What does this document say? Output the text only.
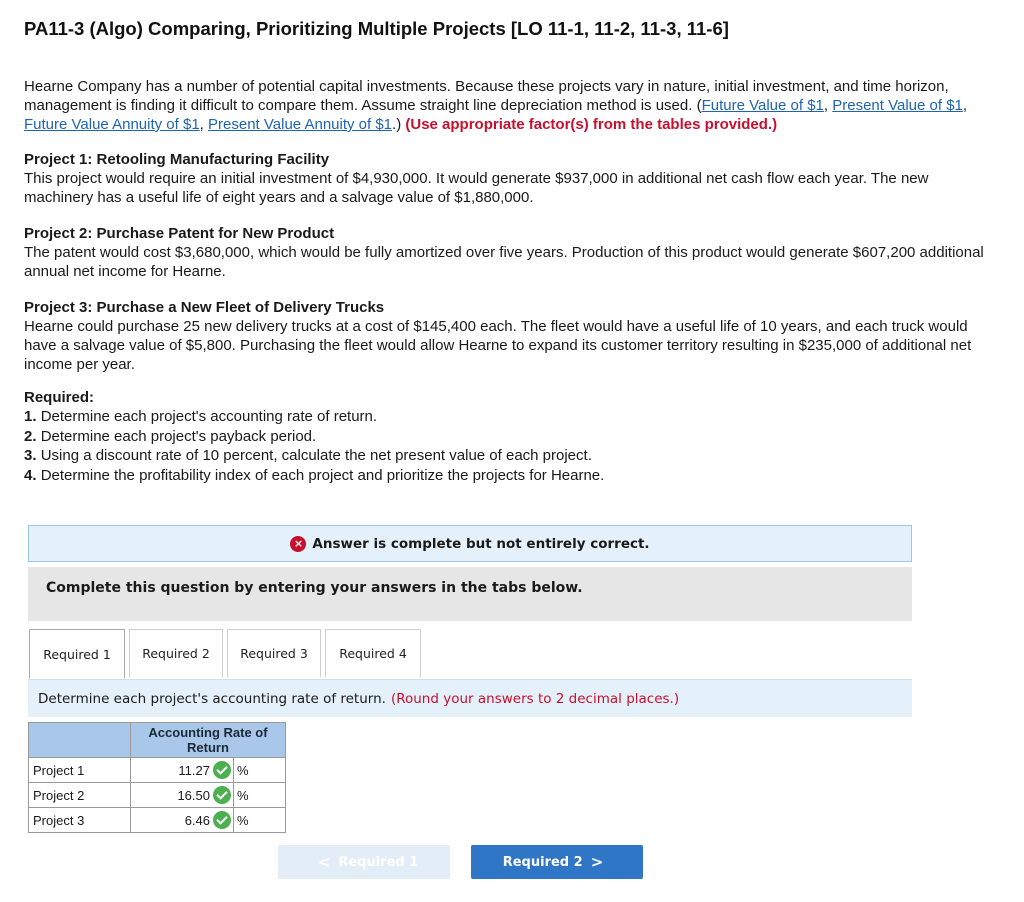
PA11-3 (Algo) Comparing, Prioritizing Multiple Projects [LO 11-1, 11-2, 11-3, 11-6]
Hearne Company has a number of potential capital investments. Because these projects vary in nature, initial investment, and time horizon, management is finding it difficult to compare them. Assume straight line depreciation method is used. (Future Value of $1, Present Value of $1, Future Value Annuity of $1, Present Value Annuity of $1.) (Use appropriate factor(s) from the tables provided.)
Project 1: Retooling Manufacturing Facility
This project would require an initial investment of $4,930,000. It would generate $937,000 in additional net cash flow each year. The new machinery has a useful life of eight years and a salvage value of $1,880,000.
Project 2: Purchase Patent for New Product
The patent would cost $3,680,000, which would be fully amortized over five years. Production of this product would generate $607,200 additional annual net income for Hearne.
Project 3: Purchase a New Fleet of Delivery Trucks
Hearne could purchase 25 new delivery trucks at a cost of $145,400 each. The fleet would have a useful life of 10 years, and each truck would have a salvage value of $5,800. Purchasing the fleet would allow Hearne to expand its customer territory resulting in $235,000 of additional net income per year.
Required:
1. Determine each project's accounting rate of return.
2. Determine each project's payback period.
3. Using a discount rate of 10 percent, calculate the net present value of each project.
4. Determine the profitability index of each project and prioritize the projects for Hearne.
× Answer is complete but not entirely correct.
Complete this question by entering your answers in the tabs below.
Required 1	Required 2	Required 3	Required 4
Determine each project's accounting rate of return. (Round your answers to 2 decimal places.)
	Accounting Rate of Return	
Project 1	11.27	%
Project 2	16.50	%
Project 3	6.46	%
< Required 1	Required 2 >
